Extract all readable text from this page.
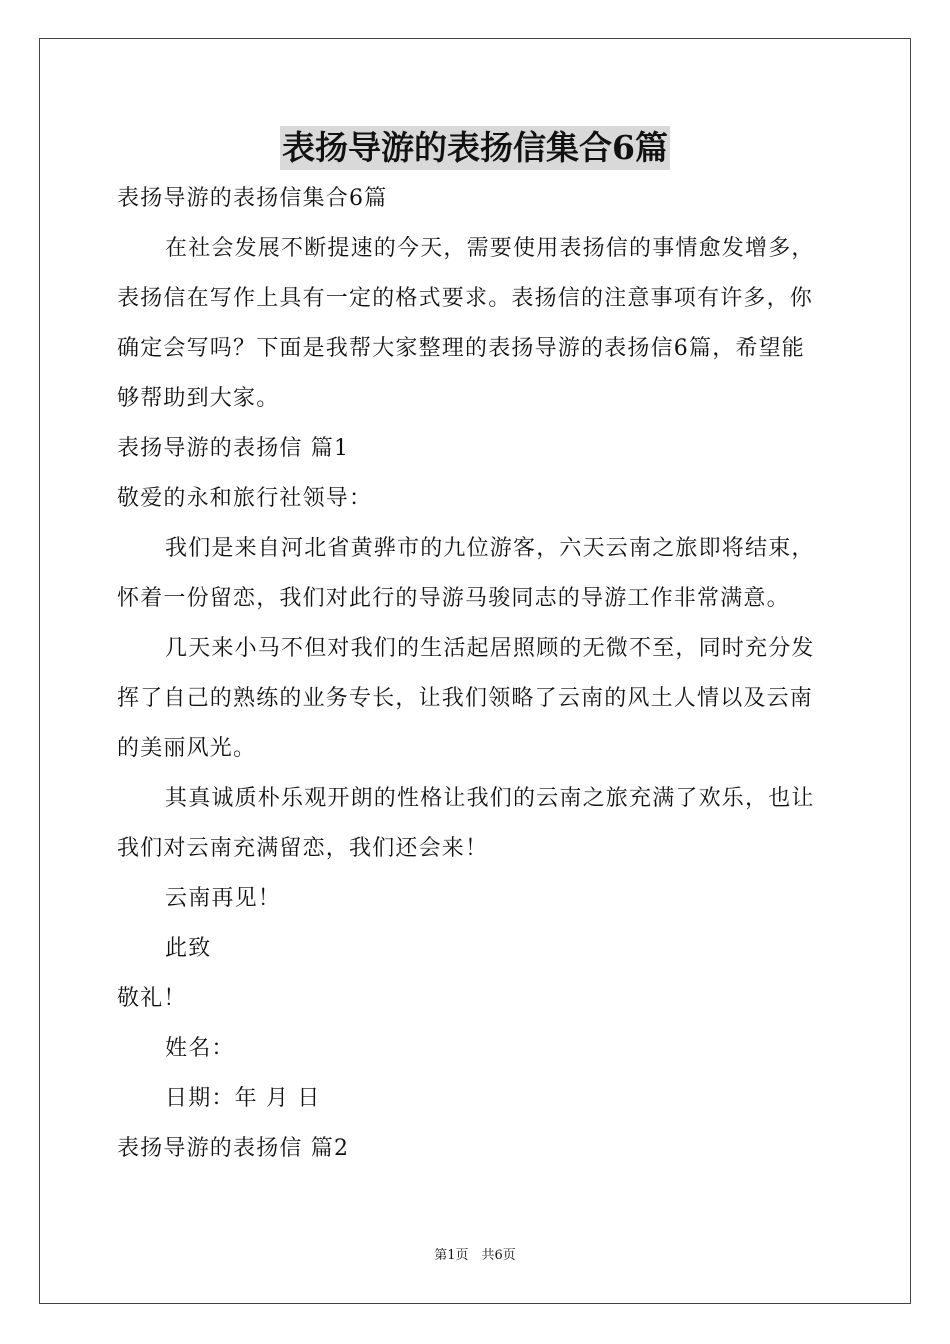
表扬导游的表扬信集合6篇
表扬导游的表扬信集合6篇
在社会发展不断提速的今天，需要使用表扬信的事情愈发增多，
表扬信在写作上具有一定的格式要求。表扬信的注意事项有许多，你
确定会写吗？下面是我帮大家整理的表扬导游的表扬信6篇，希望能
够帮助到大家。
表扬导游的表扬信 篇1
敬爱的永和旅行社领导：
我们是来自河北省黄骅市的九位游客，六天云南之旅即将结束，
怀着一份留恋，我们对此行的导游马骏同志的导游工作非常满意。
几天来小马不但对我们的生活起居照顾的无微不至，同时充分发
挥了自己的熟练的业务专长，让我们领略了云南的风土人情以及云南
的美丽风光。
其真诚质朴乐观开朗的性格让我们的云南之旅充满了欢乐，也让
我们对云南充满留恋，我们还会来！
云南再见！
此致
敬礼！
姓名：
日期：年 月 日
表扬导游的表扬信 篇2
第1页　共6页
